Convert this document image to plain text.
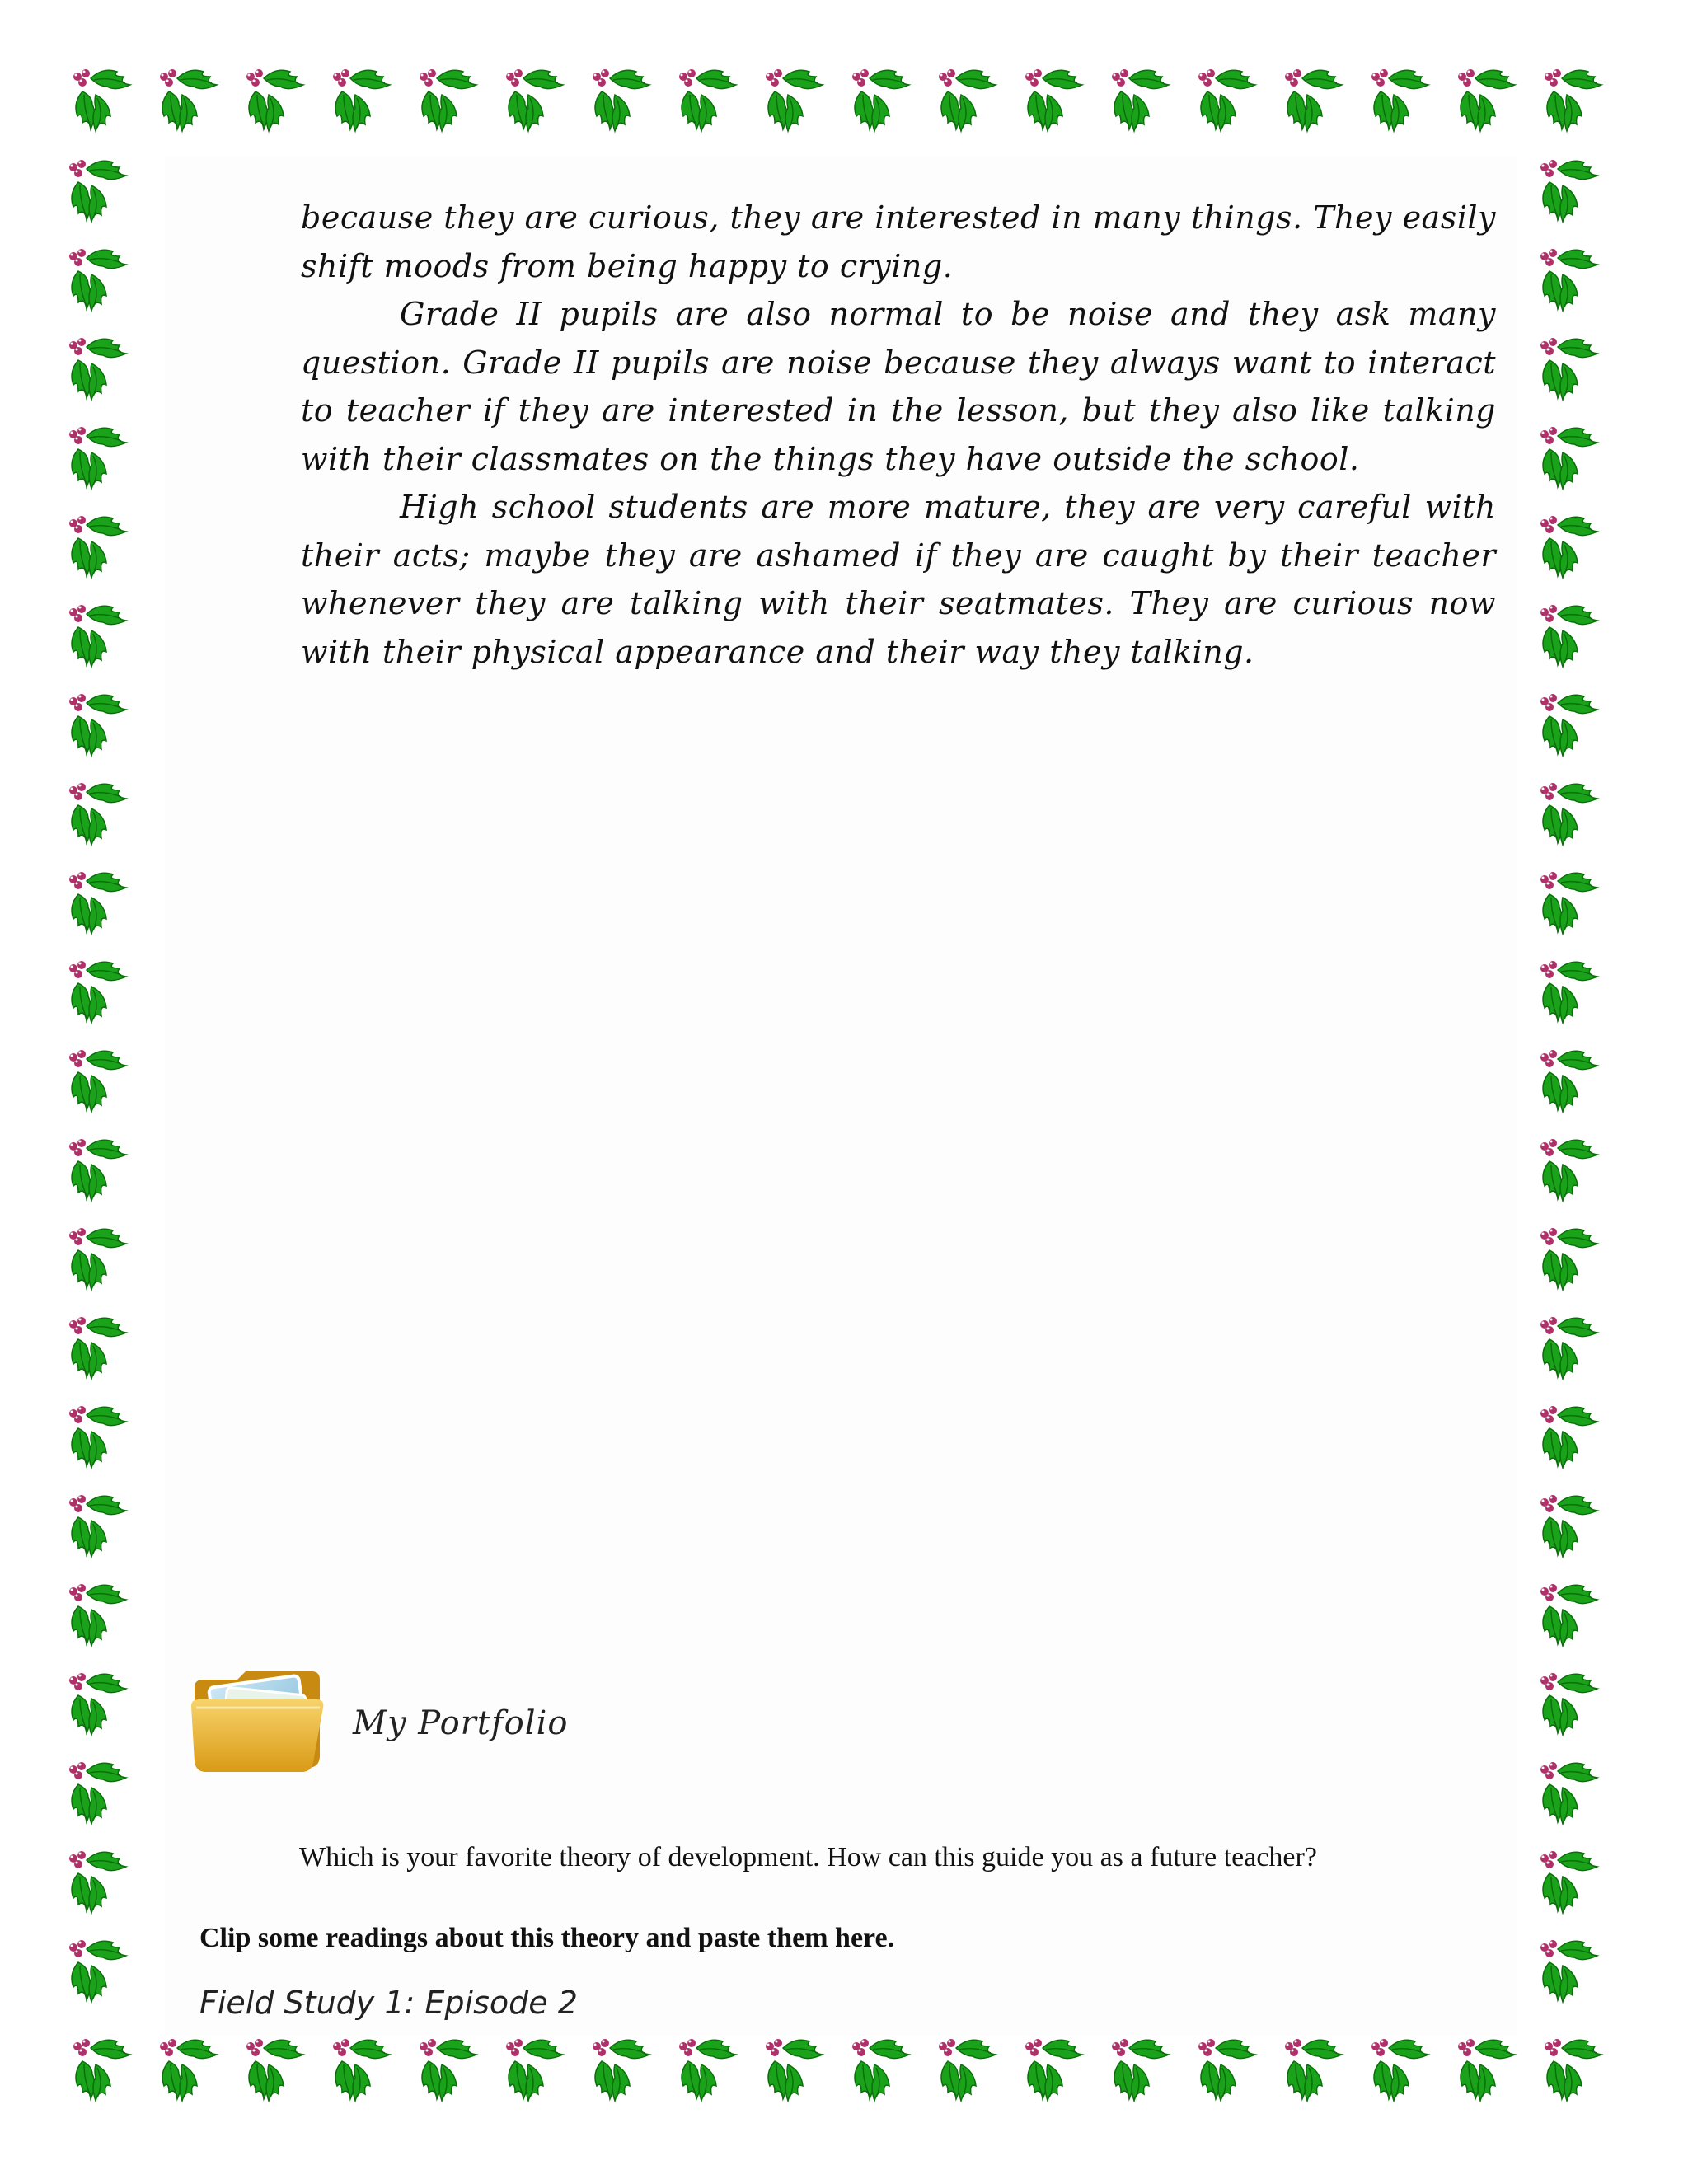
because they are curious, they are interested in many things. They easily shift moods from being happy to crying.

Grade II pupils are also normal to be noise and they ask many question. Grade II pupils are noise because they always want to interact to teacher if they are interested in the lesson, but they also like talking with their classmates on the things they have outside the school.

High school students are more mature, they are very careful with their acts; maybe they are ashamed if they are caught by their teacher whenever they are talking with their seatmates. They are curious now with their physical appearance and their way they talking.

My Portfolio
Which is your favorite theory of development. How can this guide you as a future teacher?
Clip some readings about this theory and paste them here.
Field Study 1: Episode 2
